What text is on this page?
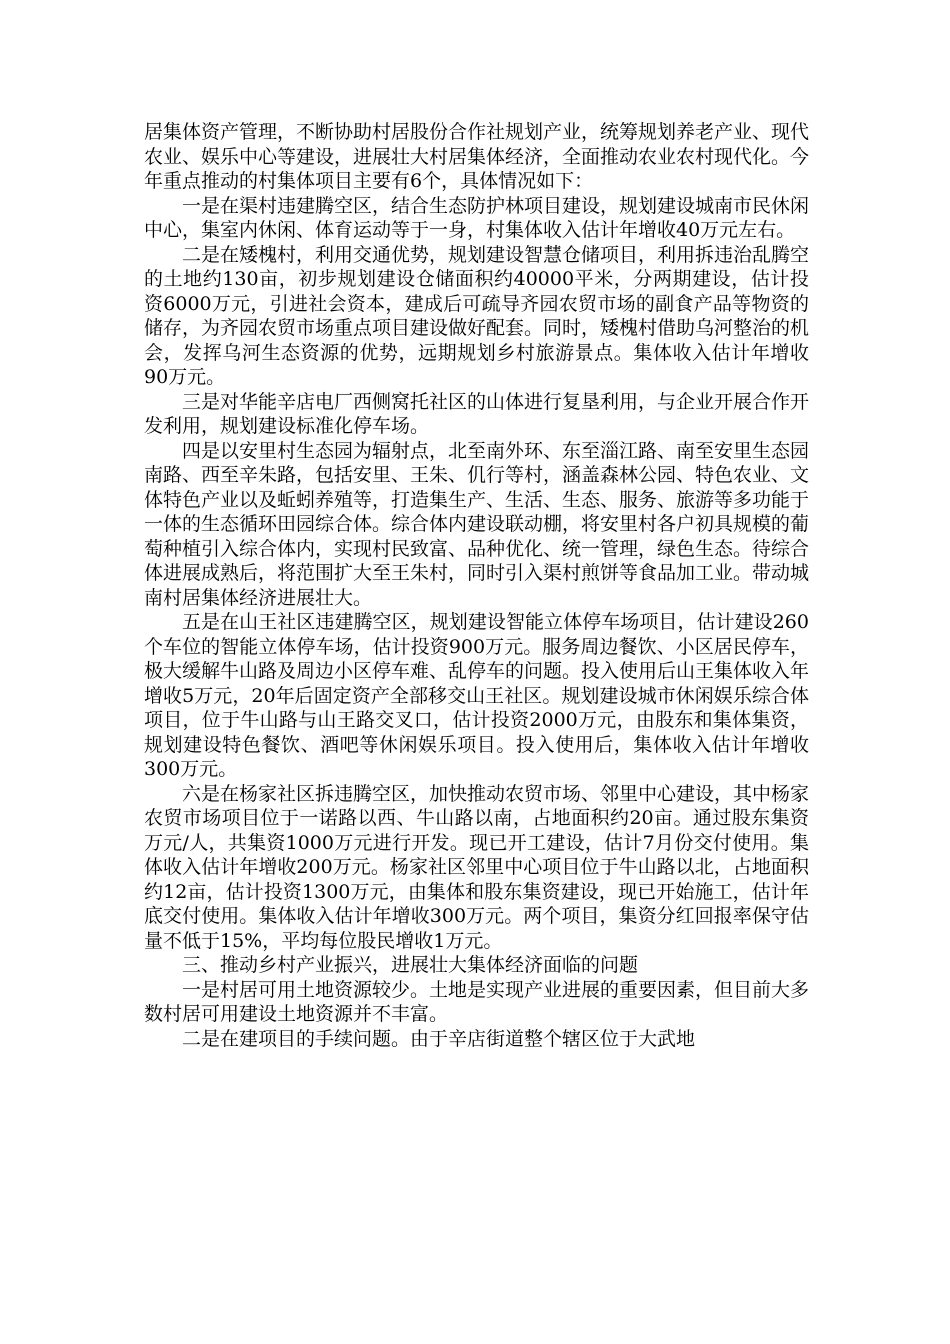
居集体资产管理，不断协助村居股份合作社规划产业，统筹规划养老产业、现代农业、娱乐中心等建设，进展壮大村居集体经济，全面推动农业农村现代化。今年重点推动的村集体项目主要有6个，具体情况如下：

一是在渠村违建腾空区，结合生态防护林项目建设，规划建设城南市民休闲中心，集室内休闲、体育运动等于一身，村集体收入估计年增收40万元左右。

二是在矮槐村，利用交通优势，规划建设智慧仓储项目，利用拆违治乱腾空的土地约130亩，初步规划建设仓储面积约40000平米，分两期建设，估计投资6000万元，引进社会资本，建成后可疏导齐园农贸市场的副食产品等物资的储存，为齐园农贸市场重点项目建设做好配套。同时，矮槐村借助乌河整治的机会，发挥乌河生态资源的优势，远期规划乡村旅游景点。集体收入估计年增收90万元。

三是对华能辛店电厂西侧窝托社区的山体进行复垦利用，与企业开展合作开发利用，规划建设标准化停车场。

四是以安里村生态园为辐射点，北至南外环、东至淄江路、南至安里生态园南路、西至辛朱路，包括安里、王朱、仉行等村，涵盖森林公园、特色农业、文体特色产业以及蚯蚓养殖等，打造集生产、生活、生态、服务、旅游等多功能于一体的生态循环田园综合体。综合体内建设联动棚，将安里村各户初具规模的葡萄种植引入综合体内，实现村民致富、品种优化、统一管理，绿色生态。待综合体进展成熟后，将范围扩大至王朱村，同时引入渠村煎饼等食品加工业。带动城南村居集体经济进展壮大。

五是在山王社区违建腾空区，规划建设智能立体停车场项目，估计建设260个车位的智能立体停车场，估计投资900万元。服务周边餐饮、小区居民停车，极大缓解牛山路及周边小区停车难、乱停车的问题。投入使用后山王集体收入年增收5万元，20年后固定资产全部移交山王社区。规划建设城市休闲娱乐综合体项目，位于牛山路与山王路交叉口，估计投资2000万元，由股东和集体集资，规划建设特色餐饮、酒吧等休闲娱乐项目。投入使用后，集体收入估计年增收300万元。

六是在杨家社区拆违腾空区，加快推动农贸市场、邻里中心建设，其中杨家农贸市场项目位于一诺路以西、牛山路以南，占地面积约20亩。通过股东集资万元/人，共集资1000万元进行开发。现已开工建设，估计7月份交付使用。集体收入估计年增收200万元。杨家社区邻里中心项目位于牛山路以北，占地面积约12亩，估计投资1300万元，由集体和股东集资建设，现已开始施工，估计年底交付使用。集体收入估计年增收300万元。两个项目，集资分红回报率保守估量不低于15%，平均每位股民增收1万元。

三、推动乡村产业振兴，进展壮大集体经济面临的问题

一是村居可用土地资源较少。土地是实现产业进展的重要因素，但目前大多数村居可用建设土地资源并不丰富。

二是在建项目的手续问题。由于辛店街道整个辖区位于大武地
